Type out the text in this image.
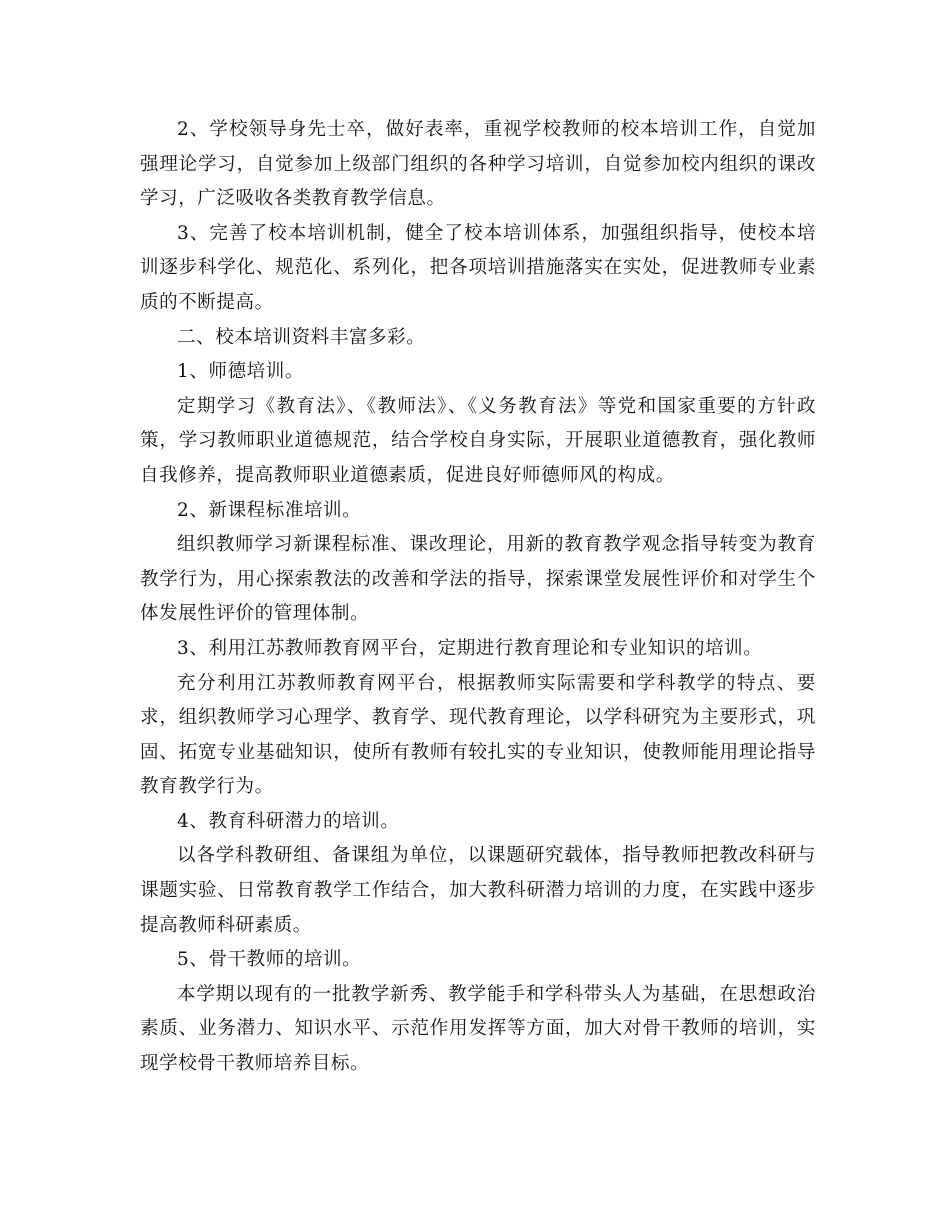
2、学校领导身先士卒，做好表率，重视学校教师的校本培训工作，自觉加强理论学习，自觉参加上级部门组织的各种学习培训，自觉参加校内组织的课改学习，广泛吸收各类教育教学信息。

3、完善了校本培训机制，健全了校本培训体系，加强组织指导，使校本培训逐步科学化、规范化、系列化，把各项培训措施落实在实处，促进教师专业素质的不断提高。

二、校本培训资料丰富多彩。

1、师德培训。

定期学习《教育法》、《教师法》、《义务教育法》等党和国家重要的方针政策，学习教师职业道德规范，结合学校自身实际，开展职业道德教育，强化教师自我修养，提高教师职业道德素质，促进良好师德师风的构成。

2、新课程标准培训。

组织教师学习新课程标准、课改理论，用新的教育教学观念指导转变为教育教学行为，用心探索教法的改善和学法的指导，探索课堂发展性评价和对学生个体发展性评价的管理体制。

3、利用江苏教师教育网平台，定期进行教育理论和专业知识的培训。

充分利用江苏教师教育网平台，根据教师实际需要和学科教学的特点、要求，组织教师学习心理学、教育学、现代教育理论，以学科研究为主要形式，巩固、拓宽专业基础知识，使所有教师有较扎实的专业知识，使教师能用理论指导教育教学行为。

4、教育科研潜力的培训。

以各学科教研组、备课组为单位，以课题研究载体，指导教师把教改科研与课题实验、日常教育教学工作结合，加大教科研潜力培训的力度，在实践中逐步提高教师科研素质。

5、骨干教师的培训。

本学期以现有的一批教学新秀、教学能手和学科带头人为基础，在思想政治素质、业务潜力、知识水平、示范作用发挥等方面，加大对骨干教师的培训，实现学校骨干教师培养目标。
